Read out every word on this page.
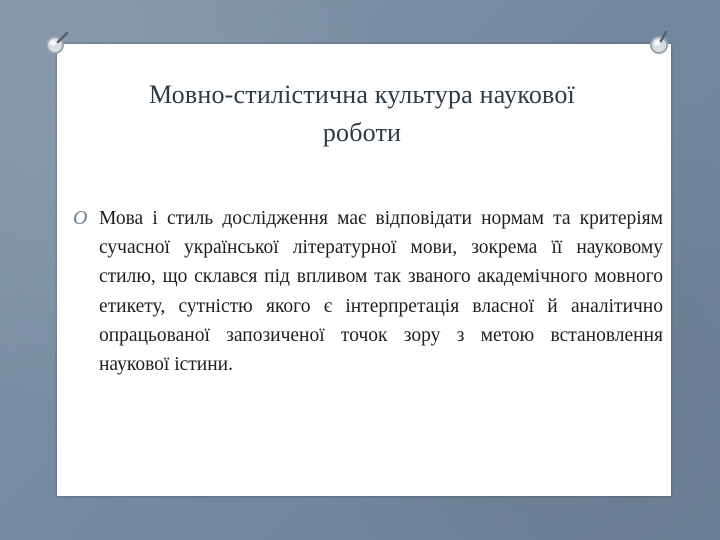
Мовно-стилістична культура наукової
роботи
O Мова і стиль дослідження має відповідати нормам та критеріям сучасної української літературної мови, зокрема її науковому стилю, що склався під впливом так званого академічного мовного етикету, сутністю якого є інтерпретація власної й аналітично опрацьованої запозиченої точок зору з метою встановлення наукової істини.
